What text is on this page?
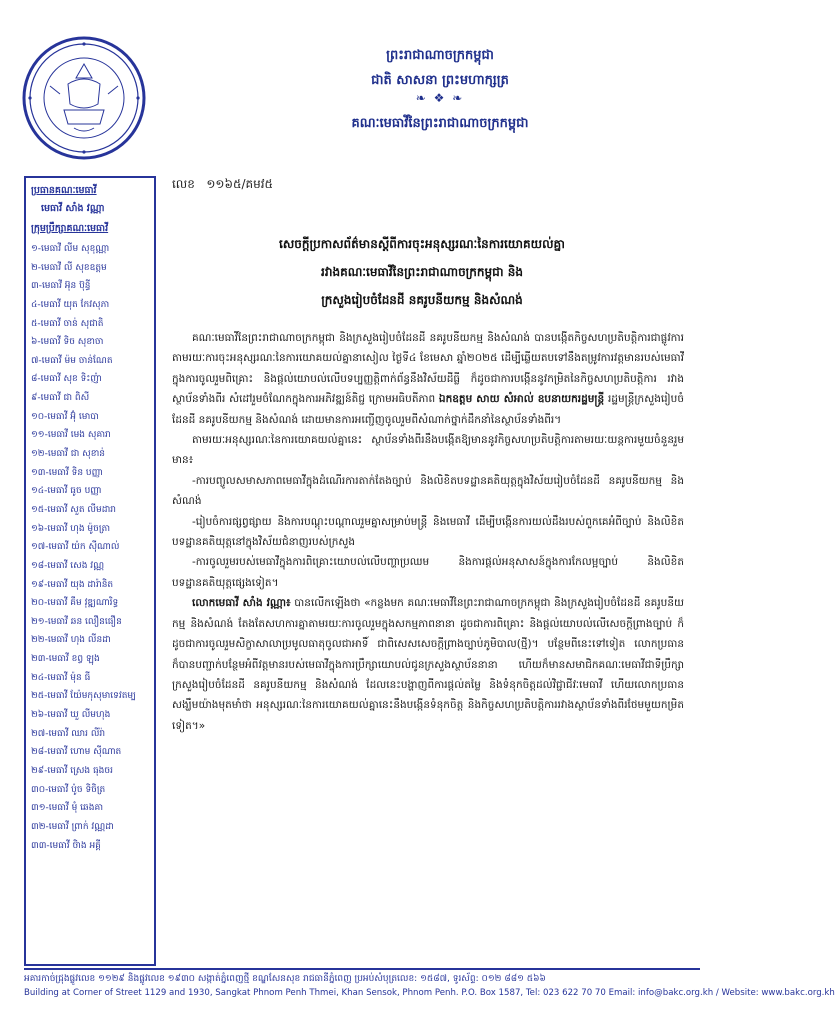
ព្រះរាជាណាចក្រកម្ពុជា
ជាតិ សាសនា ព្រះមហាក្សត្រ
❧ ❖ ❧
គណៈមេធាវីនៃព្រះរាជាណាចក្រកម្ពុជា
ប្រធានគណៈមេធាវី
មេធាវី សាំង វណ្ណា
ក្រុមប្រឹក្សាគណៈមេធាវី
១-មេធាវី លីម សុខុណ្ណា
២-មេធាវី លី សុខឧត្តម
៣-មេធាវី អ៊ុន ប៊ុន្ធី
៤-មេធាវី យុត កែវសុភា
៥-មេធាវី ចាន់ សុជាតិ
៦-មេធាវី ទិច សុខាចា
៧-មេធាវី ម៉ម ចាន់ណែត
៨-មេធាវី សុខ ទិះញ៉ា
៩-មេធាវី ជា ពិសី
១០-មេធាវី អ៊ុំ មោបា
១១-មេធាវី មេង សុគារា
១២-មេធាវី ជា សុខាន់
១៣-មេធាវី ទិន បញ្ញា
១៤-មេធាវី ធូច បញ្ញា
១៥-មេធាវី សួត លីមដារា
១៦-មេធាវី ហុង ម៉ូចត្រា
១៧-មេធាវី យ៉ក ស៊ីណាល់
១៨-មេធាវី សេង វណ្ណ
១៩-មេធាវី យុង ដារ៉ានិត
២០-មេធាវី គឹម វុឌ្ឍណារិទ្ធ
២១-មេធាវី ឆន លឿនធឿន
២២-មេធាវី ហុង លីនដា
២៣-មេធាវី ខព្វ ឡុង
២៤-មេធាវី ម៉ុន ធី
២៥-មេធាវី យ៉ែមកុសុមាទេវតម្ប
២៦-មេធាវី ឃួ លីមហុង
២៧-មេធាវី ឈារ លីរ៉ា
២៨-មេធាវី ហោម ស៊ីណាត
២៩-មេធាវី ស្រេង ធុងចរ
៣០-មេធាវី ប៉ូច ទិចិត្រ
៣១-មេធាវី មុំ ឆេងគា
៣២-មេធាវី ព្រាក់ វណ្ណដា
៣៣-មេធាវី ចិាង អគ្គី
លេខ ១១៦៥/គមវ៥
សេចក្តីប្រកាសព័ត៌មានស្តីពីការចុះអនុស្សរណៈនៃការយោគយល់គ្នា
រវាងគណៈមេធាវីនៃព្រះរាជាណាចក្រកម្ពុជា និង
ក្រសួងរៀបចំដែនដី នគរូបនីយកម្ម និងសំណង់

គណៈមេធាវីនៃព្រះរាជាណាចក្រកម្ពុជា និងក្រសួងរៀបចំដែនដី នគរូបនីយកម្ម និងសំណង់ បានបង្កើតកិច្ចសហប្រតិបត្តិការជាផ្លូវការ តាមរយៈការចុះអនុស្សរណៈនៃការយោគយល់គ្នានាសៀល ថ្ងៃទី៤ ខែមេសា ឆ្នាំ២០២៥ ដើម្បីឆ្លើយតបទៅនឹងតម្រូវការវត្តមានរបស់មេធាវីក្នុងការចូលរួមពិគ្រោះ និងផ្តល់យោបល់លើបទប្បញ្ញត្តិពាក់ព័ន្ធនឹងវិស័យដីធ្លី ក៏ដូចជាការបង្កើននូវកម្រិតនៃកិច្ចសហប្រតិបត្តិការ រវាងស្ថាប័នទាំងពីរ សំដៅរួមចំណែកក្នុងការអភិវឌ្ឍន៍តិជ្ជ ក្រោមអធិបតីភាព ឯកឧត្តម សាយ សំអាល់ ឧបនាយករដ្ឋមន្ត្រី រដ្ឋមន្ត្រីក្រសួងរៀបចំដែនដី នគរូបនីយកម្ម និងសំណង់ ដោយមានការអញ្ជើញចូលរួមពីសំណាក់ថ្នាក់ដឹកនាំនៃស្ថាប័នទាំងពីរ។

តាមរយៈអនុស្សរណៈនៃការយោគយល់គ្នានេះ ស្ថាប័នទាំងពីរនឹងបង្កើតឱ្យមាននូវកិច្ចសហប្រតិបត្តិការតាមរយៈយន្តការមួយចំនួនរួមមាន៖

-ការបញ្ចូលសមាសភាពមេធាវីក្នុងដំណើរការតាក់តែងច្បាប់ និងលិខិតបទដ្ឋានគតិយុត្តក្នុងវិស័យរៀបចំដែនដី នគរូបនីយកម្ម និងសំណង់

-រៀបចំការផ្សព្វផ្សាយ និងការបណ្តុះបណ្តាលរួមគ្នាសម្រាប់មន្ត្រី និងមេធាវី ដើម្បីបង្កើនការយល់ដឹងរបស់ពួកគេអំពីច្បាប់ និងលិខិតបទដ្ឋានគតិយុត្តនៅក្នុងវិស័យជំនាញរបស់ក្រសួង

-ការចូលរួមរបស់មេធាវីក្នុងការពិគ្រោះយោបល់លើបញ្ហាប្រឈម និងការផ្តល់អនុសាសន៍ក្នុងការកែលម្អច្បាប់ និងលិខិតបទដ្ឋានគតិយុត្តផ្សេងទៀត។

លោកមេធាវី សាំង វណ្ណា៖ បានលើកឡើងថា «កន្លងមក គណៈមេធាវីនៃព្រះរាជាណាចក្រកម្ពុជា និងក្រសួងរៀបចំដែនដី នគរូបនីយកម្ម និងសំណង់ តែងតែសហការគ្នាតាមរយៈការចូលរួមក្នុងសកម្មភាពនានា ដូចជាការពិគ្រោះ និងផ្តល់យោបល់លើសេចក្តីព្រាងច្បាប់ ក៏ដូចជាការចូលរួមសិក្ខាសាលាប្រមូលធាតុចូលជាអាទិ៍ ជាពិសេសសេចក្តីព្រាងច្បាប់ភូមិបាល(ថ្មី)។ បន្ថែមពីនេះទៅទៀត លោកប្រធាន ក៏បានបញ្ជាក់បន្ថែមអំពីវត្តមានរបស់មេធាវីក្នុងការប្រឹក្សាយោបល់ជូនក្រសួងស្ថាប័ននានា ហើយក៏មានសមាជិកគណៈមេធាវីជាទីប្រឹក្សា ក្រសួងរៀបចំដែនដី នគរូបនីយកម្ម និងសំណង់ ដែលនេះបង្ហាញពីការផ្តល់តម្លៃ និងទំនុកចិត្តដល់វិជ្ជាជីវៈមេធាវី ហើយលោកប្រធានសង្ឃឹមយ៉ាងមុតមាំថា អនុស្សរណៈនៃការយោគយល់គ្នានេះនឹងបង្កើនទំនុកចិត្ត និងកិច្ចសហប្រតិបត្តិការរវាងស្ថាប័នទាំងពីរថែមមួយកម្រិតទៀត។»

អគារកាច់ជ្រុងផ្លូវលេខ ១១២៩ និងផ្លូវលេខ ១៩៣០ សង្កាត់ភ្នំពេញថ្មី ខណ្ឌសែនសុខ រាជធានីភ្នំពេញ ប្រអប់សំបុត្រលេខ: ១៥៨៧, ទូរស័ព្ទ: ០១២ ៨៨១ ៥៦៦
Building at Corner of Street 1129 and 1930, Sangkat Phnom Penh Thmei, Khan Sensok, Phnom Penh. P.O. Box 1587, Tel: 023 622 70 70 Email: info@bakc.org.kh / Website: www.bakc.org.kh
